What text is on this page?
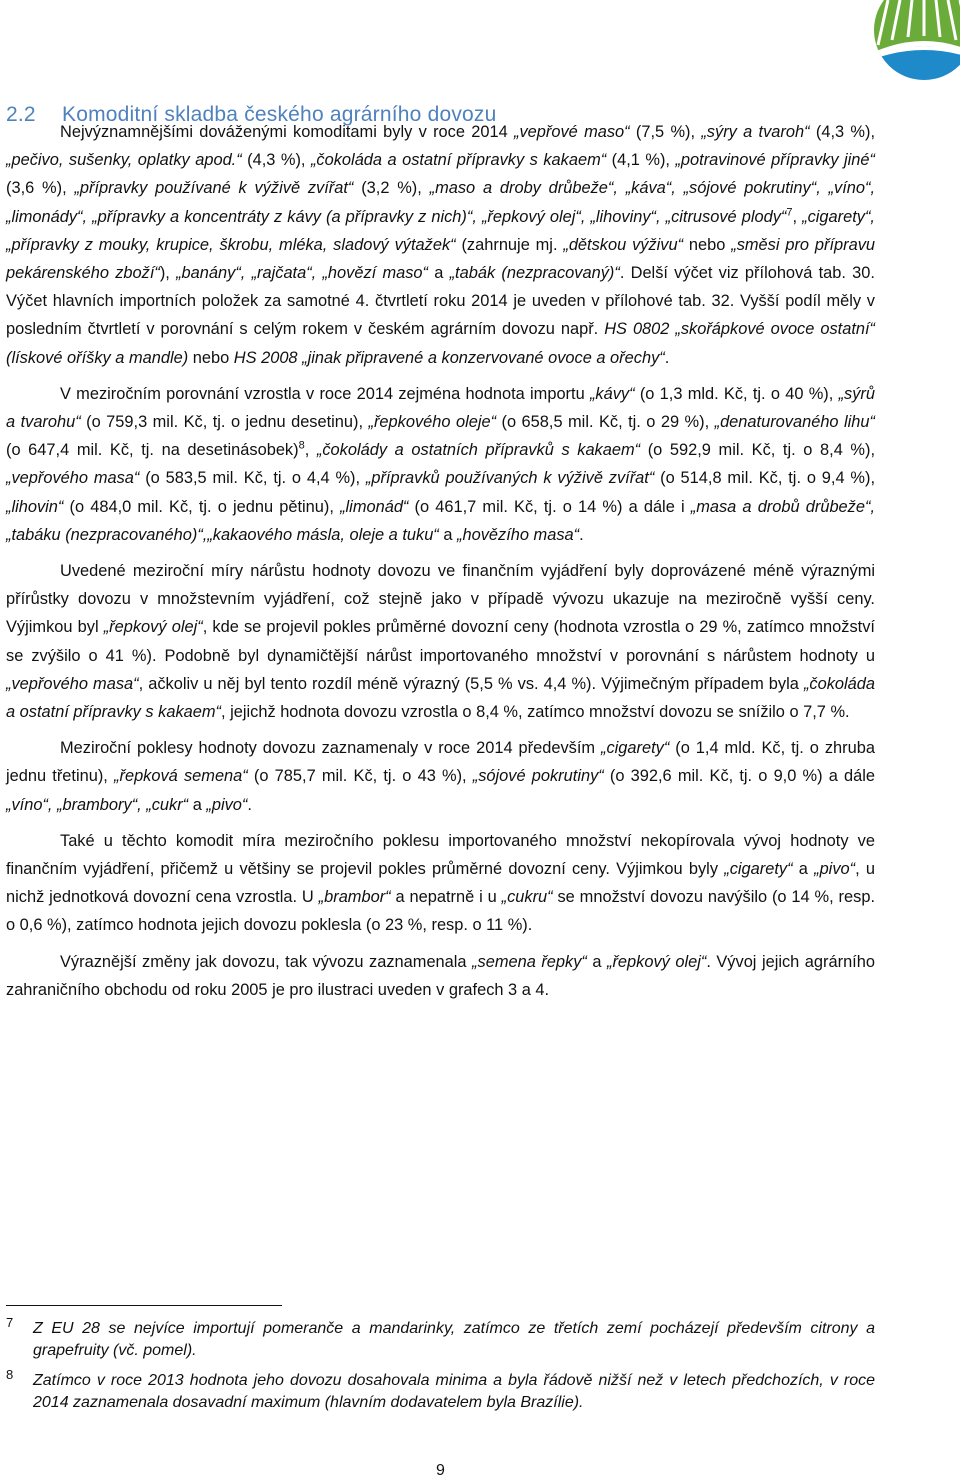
2.2 Komoditní skladba českého agrárního dovozu

Nejvýznamnějšími dováženými komoditami byly v roce 2014 „vepřové maso“ (7,5 %), „sýry a tvaroh“ (4,3 %), „pečivo, sušenky, oplatky apod.“ (4,3 %), „čokoláda a ostatní přípravky s kakaem“ (4,1 %), „potravinové přípravky jiné“ (3,6 %), „přípravky používané k výživě zvířat“ (3,2 %), „maso a droby drůbeže“, „káva“, „sójové pokrutiny“, „víno“, „limonády“, „přípravky a koncentráty z kávy (a přípravky z nich)“, „řepkový olej“, „lihoviny“, „citrusové plody“$^7$, „cigarety“, „přípravky z mouky, krupice, škrobu, mléka, sladový výtažek“ (zahrnuje mj. „dětskou výživu“ nebo „směsi pro přípravu pekárenského zboží“), „banány“, „rajčata“, „hovězí maso“ a „tabák (nezpracovaný)“. Delší výčet viz přílohová tab. 30. Výčet hlavních importních položek za samotné 4. čtvrtletí roku 2014 je uveden v přílohové tab. 32. Vyšší podíl měly v posledním čtvrtletí v porovnání s celým rokem v českém agrárním dovozu např. HS 0802 „skořápkové ovoce ostatní“ (lískové oříšky a mandle) nebo HS 2008 „jinak připravené a konzervované ovoce a ořechy“.

V meziročním porovnání vzrostla v roce 2014 zejména hodnota importu „kávy“ (o 1,3 mld. Kč, tj. o 40 %), „sýrů a tvarohu“ (o 759,3 mil. Kč, tj. o jednu desetinu), „řepkového oleje“ (o 658,5 mil. Kč, tj. o 29 %), „denaturovaného lihu“ (o 647,4 mil. Kč, tj. na desetinásobek)$^8$, „čokolády a ostatních přípravků s kakaem“ (o 592,9 mil. Kč, tj. o 8,4 %), „vepřového masa“ (o 583,5 mil. Kč, tj. o 4,4 %), „přípravků používaných k výživě zvířat“ (o 514,8 mil. Kč, tj. o 9,4 %), „lihovin“ (o 484,0 mil. Kč, tj. o jednu pětinu), „limonád“ (o 461,7 mil. Kč, tj. o 14 %) a dále i „masa a drobů drůbeže“, „tabáku (nezpracovaného)“,„kakaového másla, oleje a tuku“ a „hovězího masa“.

Uvedené meziroční míry nárůstu hodnoty dovozu ve finančním vyjádření byly doprovázené méně výraznými přírůstky dovozu v množstevním vyjádření, což stejně jako v případě vývozu ukazuje na meziročně vyšší ceny. Výjimkou byl „řepkový olej“, kde se projevil pokles průměrné dovozní ceny (hodnota vzrostla o 29 %, zatímco množství se zvýšilo o 41 %). Podobně byl dynamičtější nárůst importovaného množství v porovnání s nárůstem hodnoty u „vepřového masa“, ačkoliv u něj byl tento rozdíl méně výrazný (5,5 % vs. 4,4 %). Výjimečným případem byla „čokoláda a ostatní přípravky s kakaem“, jejichž hodnota dovozu vzrostla o 8,4 %, zatímco množství dovozu se snížilo o 7,7 %.

Meziroční poklesy hodnoty dovozu zaznamenaly v roce 2014 především „cigarety“ (o 1,4 mld. Kč, tj. o zhruba jednu třetinu), „řepková semena“ (o 785,7 mil. Kč, tj. o 43 %), „sójové pokrutiny“ (o 392,6 mil. Kč, tj. o 9,0 %) a dále „víno“, „brambory“, „cukr“ a „pivo“.

Také u těchto komodit míra meziročního poklesu importovaného množství nekopírovala vývoj hodnoty ve finančním vyjádření, přičemž u většiny se projevil pokles průměrné dovozní ceny. Výjimkou byly „cigarety“ a „pivo“, u nichž jednotková dovozní cena vzrostla. U „brambor“ a nepatrně i u „cukru“ se množství dovozu navýšilo (o 14 %, resp. o 0,6 %), zatímco hodnota jejich dovozu poklesla (o 23 %, resp. o 11 %).

Výraznější změny jak dovozu, tak vývozu zaznamenala „semena řepky“ a „řepkový olej“. Vývoj jejich agrárního zahraničního obchodu od roku 2005 je pro ilustraci uveden v grafech 3 a 4.

7 Z EU 28 se nejvíce importují pomeranče a mandarinky, zatímco ze třetích zemí pocházejí především citrony a grapefruity (vč. pomel).
8 Zatímco v roce 2013 hodnota jeho dovozu dosahovala minima a byla řádově nižší než v letech předchozích, v roce 2014 zaznamenala dosavadní maximum (hlavním dodavatelem byla Brazílie).
9
